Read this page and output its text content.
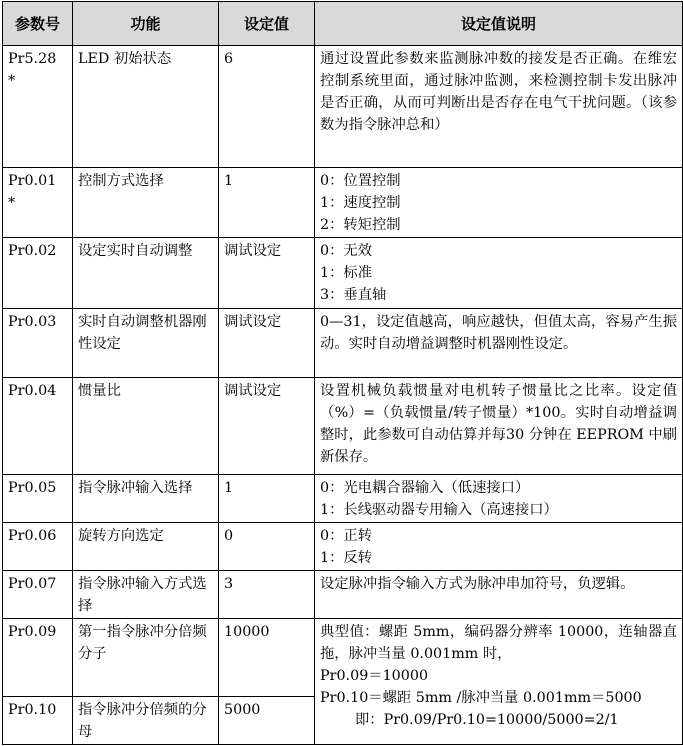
参数号	功能	设定值	设定值说明
Pr5.28 *	LED 初始状态	6	通过设置此参数来监测脉冲数的接发是否正确。在维宏控制系统里面，通过脉冲监测，来检测控制卡发出脉冲是否正确，从而可判断出是否存在电气干扰问题。（该参数为指令脉冲总和）

Pr0.01 *	控制方式选择	1	0：位置控制
1：速度控制
2：转矩控制

Pr0.02	设定实时自动调整	调试设定	0：无效
1：标准
3：垂直轴

Pr0.03	实时自动调整机器刚性设定	调试设定	0—31，设定值越高，响应越快，但值太高，容易产生振动。实时自动增益调整时机器刚性设定。

Pr0.04	惯量比	调试设定	设置机械负载惯量对电机转子惯量比之比率。设定值（%）=（负载惯量/转子惯量）*100。实时自动增益调整时，此参数可自动估算并每30 分钟在 EEPROM 中刷新保存。

Pr0.05	指令脉冲输入选择	1	0：光电耦合器输入（低速接口）
1：长线驱动器专用输入（高速接口）

Pr0.06	旋转方向选定	0	0：正转
1：反转

Pr0.07	指令脉冲输入方式选择	3	设定脉冲指令输入方式为脉冲串加符号，负逻辑。

Pr0.09	第一指令脉冲分倍频分子	10000	典型值：螺距 5mm，编码器分辨率 10000，连轴器直拖，脉冲当量 0.001mm 时，
Pr0.09＝10000
Pr0.10＝螺距 5mm /脉冲当量 0.001mm＝5000
即：Pr0.09/Pr0.10=10000/5000=2/1

Pr0.10	指令脉冲分倍频的分母	5000	
